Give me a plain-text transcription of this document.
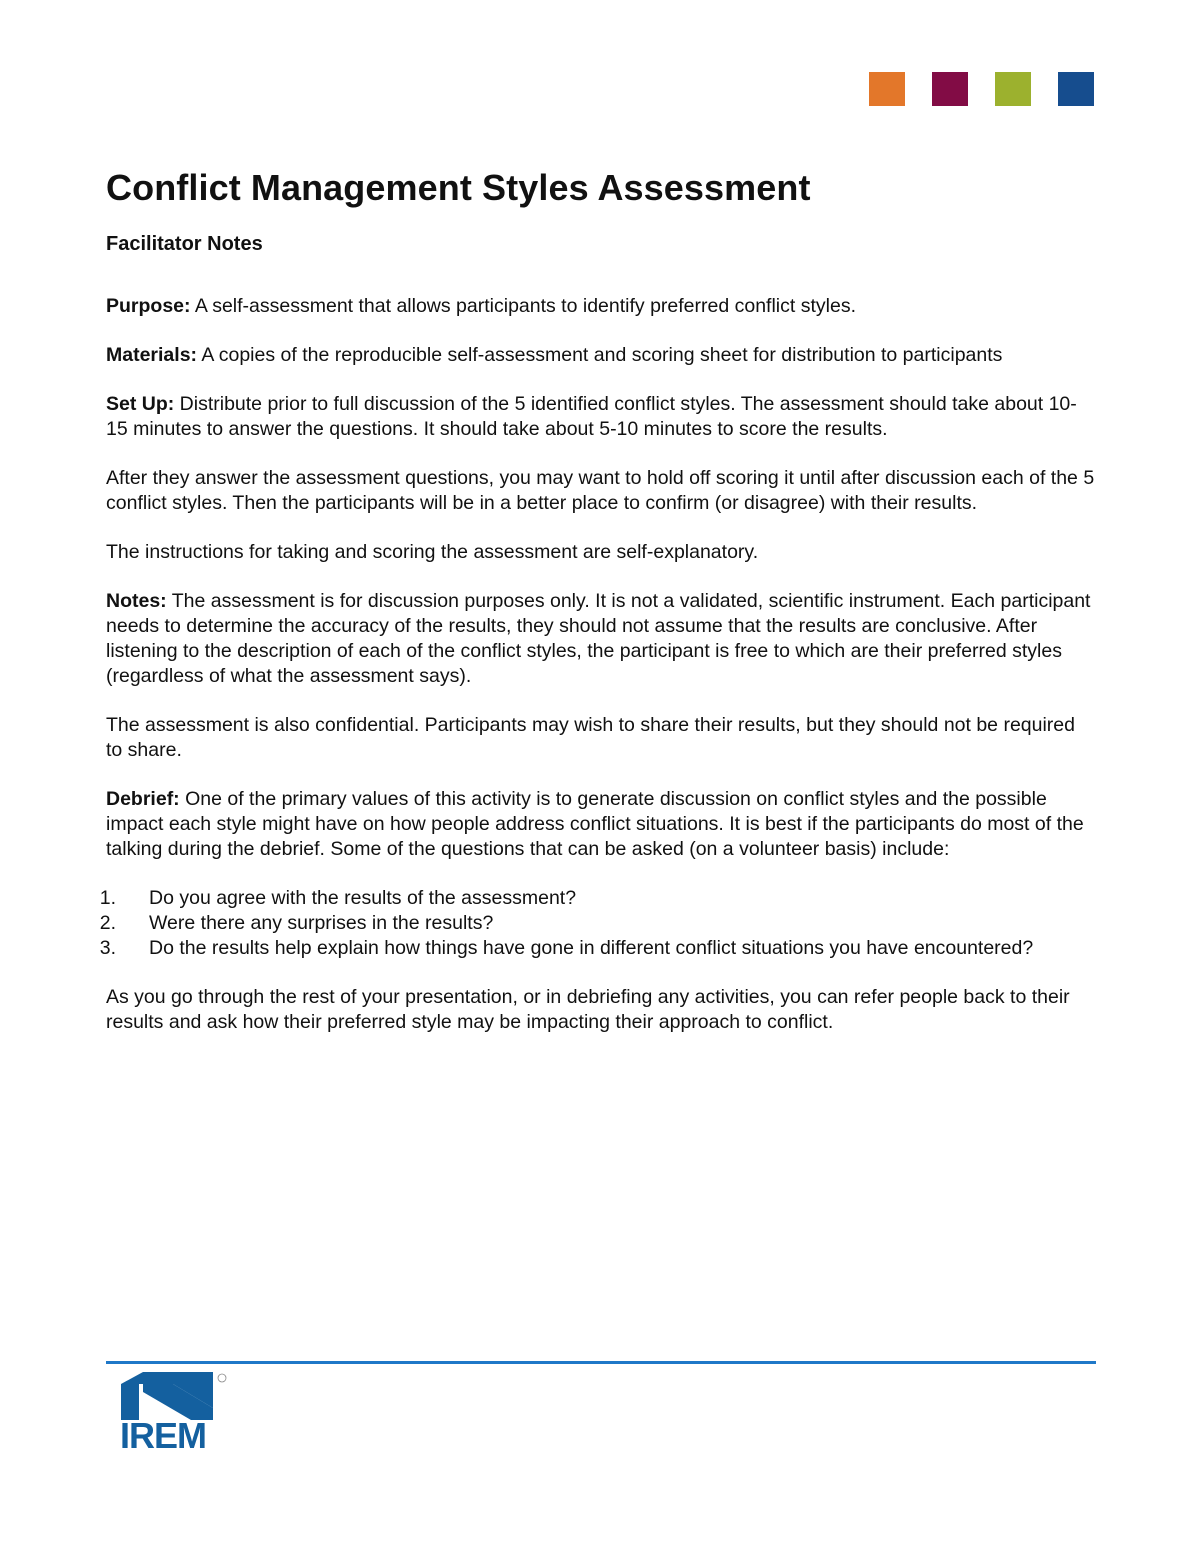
Conflict Management Styles Assessment
Facilitator Notes

Purpose: A self-assessment that allows participants to identify preferred conflict styles.

Materials: A copies of the reproducible self-assessment and scoring sheet for distribution to participants

Set Up: Distribute prior to full discussion of the 5 identified conflict styles. The assessment should take about 10-15 minutes to answer the questions. It should take about 5-10 minutes to score the results.

After they answer the assessment questions, you may want to hold off scoring it until after discussion each of the 5 conflict styles. Then the participants will be in a better place to confirm (or disagree) with their results.

The instructions for taking and scoring the assessment are self-explanatory.

Notes: The assessment is for discussion purposes only. It is not a validated, scientific instrument. Each participant needs to determine the accuracy of the results, they should not assume that the results are conclusive. After listening to the description of each of the conflict styles, the participant is free to which are their preferred styles (regardless of what the assessment says).

The assessment is also confidential. Participants may wish to share their results, but they should not be required to share.

Debrief: One of the primary values of this activity is to generate discussion on conflict styles and the possible impact each style might have on how people address conflict situations. It is best if the participants do most of the talking during the debrief. Some of the questions that can be asked (on a volunteer basis) include:

1.	Do you agree with the results of the assessment?
2.	Were there any surprises in the results?
3.	Do the results help explain how things have gone in different conflict situations you have encountered?

As you go through the rest of your presentation, or in debriefing any activities, you can refer people back to their results and ask how their preferred style may be impacting their approach to conflict.

IREM
